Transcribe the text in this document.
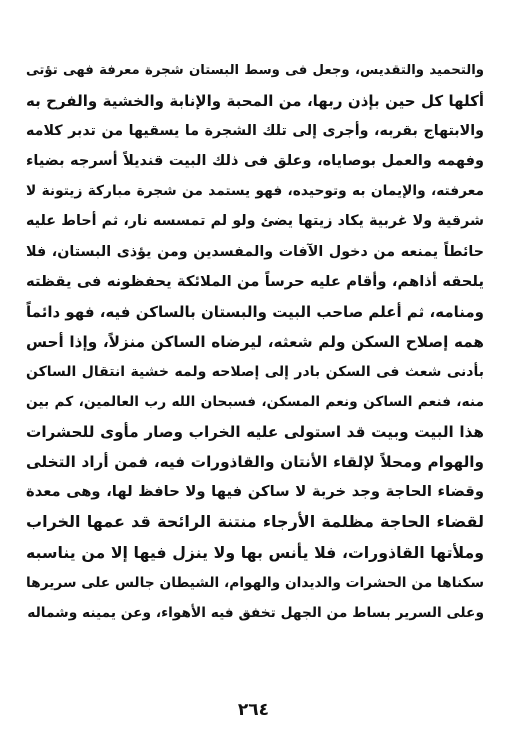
والتحميد والتقديس، وجعل فى وسط البستان شجرة معرفة فهى تؤتى
أكلها كل حين بإذن ربها، من المحبة والإنابة والخشية والفرح به
والابتهاج بقربه، وأجرى إلى تلك الشجرة ما يسقيها من تدبر كلامه
وفهمه والعمل بوصاياه، وعلق فى ذلك البيت قنديلاً أسرجه بضياء
معرفته، والإيمان به وتوحيده، فهو يستمد من شجرة مباركة زيتونة لا
شرقية ولا غربية يكاد زيتها يضئ ولو لم تمسسه نار، ثم أحاط عليه
حائطاً يمنعه من دخول الآفات والمفسدين ومن يؤذى البستان، فلا
يلحقه أذاهم، وأقام عليه حرساً من الملائكة يحفظونه فى يقظته
ومنامه، ثم أعلم صاحب البيت والبستان بالساكن فيه، فهو دائماً
همه إصلاح السكن ولم شعثه، ليرضاه الساكن منزلاً، وإذا أحس
بأدنى شعث فى السكن بادر إلى إصلاحه ولمه خشية انتقال الساكن
منه، فنعم الساكن ونعم المسكن، فسبحان الله رب العالمين، كم بين
هذا البيت وبيت قد استولى عليه الخراب وصار مأوى للحشرات
والهوام ومحلاً لإلقاء الأنتان والقاذورات فيه، فمن أراد التخلى
وقضاء الحاجة وجد خربة لا ساكن فيها ولا حافظ لها، وهى معدة
لقضاء الحاجة مظلمة الأرجاء منتنة الرائحة قد عمها الخراب
وملأتها القاذورات، فلا يأنس بها ولا ينزل فيها إلا من يناسبه
سكناها من الحشرات والديدان والهوام، الشيطان جالس على سريرها
وعلى السرير بساط من الجهل تخفق فيه الأهواء، وعن يمينه وشماله
٢٦٤
